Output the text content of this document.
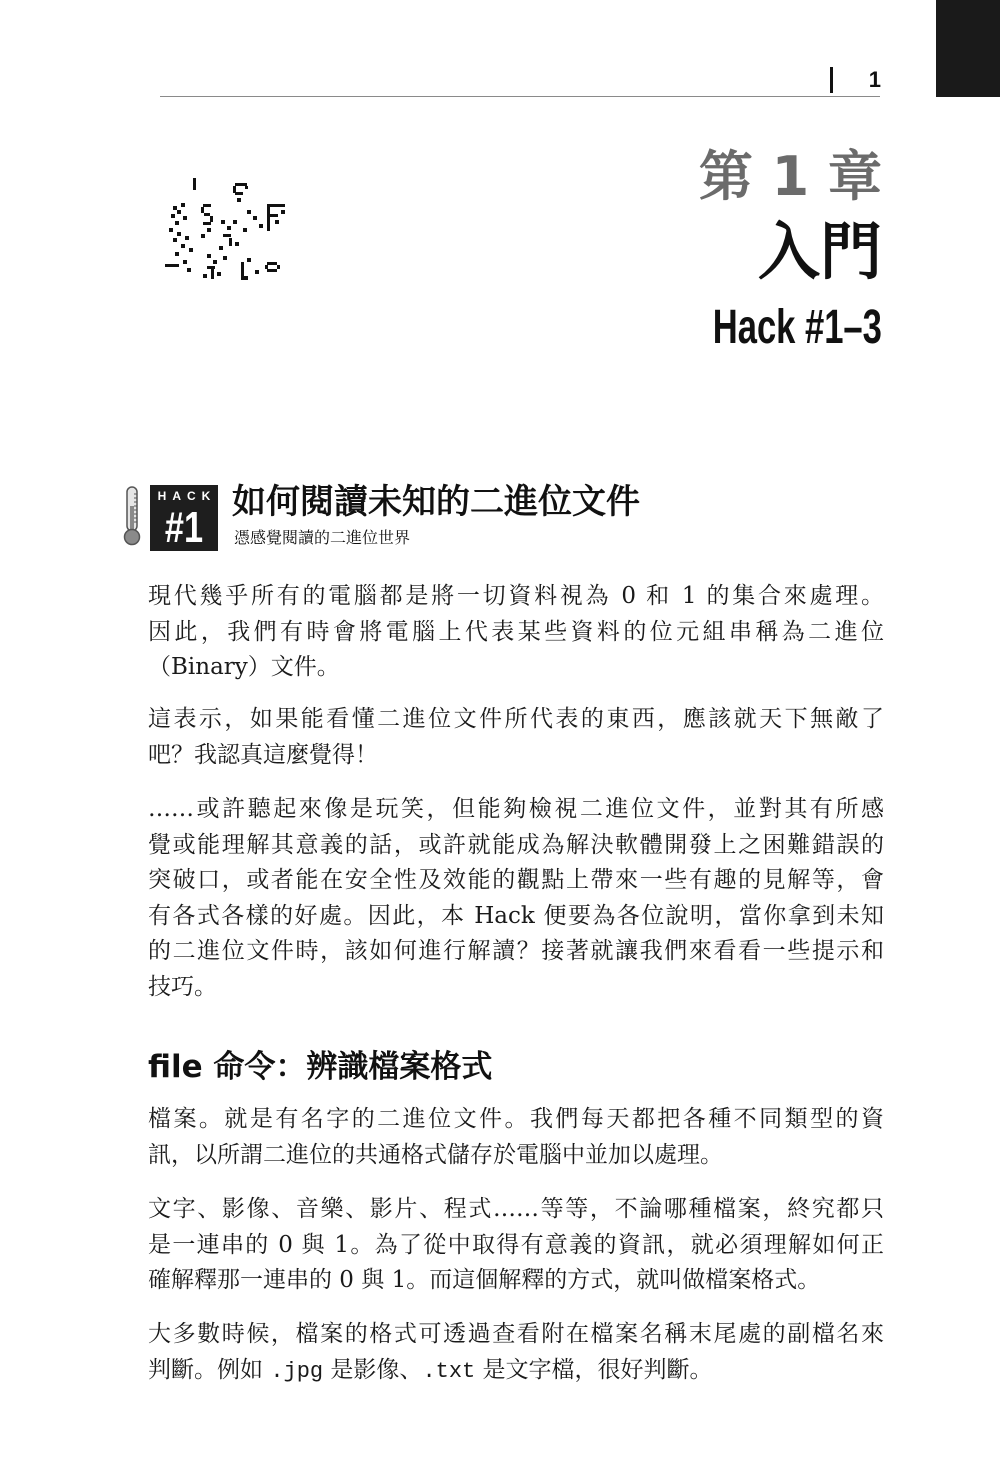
1
第 1 章
入門
Hack #1–3
HACK
#1
如何閱讀未知的二進位文件
憑感覺閱讀的二進位世界
現代幾乎所有的電腦都是將一切資料視為 0 和 1 的集合來處理。
因此，我們有時會將電腦上代表某些資料的位元組串稱為二進位
（Binary）文件。
這表示，如果能看懂二進位文件所代表的東西，應該就天下無敵了
吧？我認真這麼覺得！
……或許聽起來像是玩笑，但能夠檢視二進位文件，並對其有所感
覺或能理解其意義的話，或許就能成為解決軟體開發上之困難錯誤的
突破口，或者能在安全性及效能的觀點上帶來一些有趣的見解等，會
有各式各樣的好處。因此，本 Hack 便要為各位說明，當你拿到未知
的二進位文件時，該如何進行解讀？接著就讓我們來看看一些提示和
技巧。
file 命令：辨識檔案格式
檔案。就是有名字的二進位文件。我們每天都把各種不同類型的資
訊，以所謂二進位的共通格式儲存於電腦中並加以處理。
文字、影像、音樂、影片、程式……等等，不論哪種檔案，終究都只
是一連串的 0 與 1。為了從中取得有意義的資訊，就必須理解如何正
確解釋那一連串的 0 與 1。而這個解釋的方式，就叫做檔案格式。
大多數時候，檔案的格式可透過查看附在檔案名稱末尾處的副檔名來
判斷。例如 .jpg 是影像、.txt 是文字檔，很好判斷。
